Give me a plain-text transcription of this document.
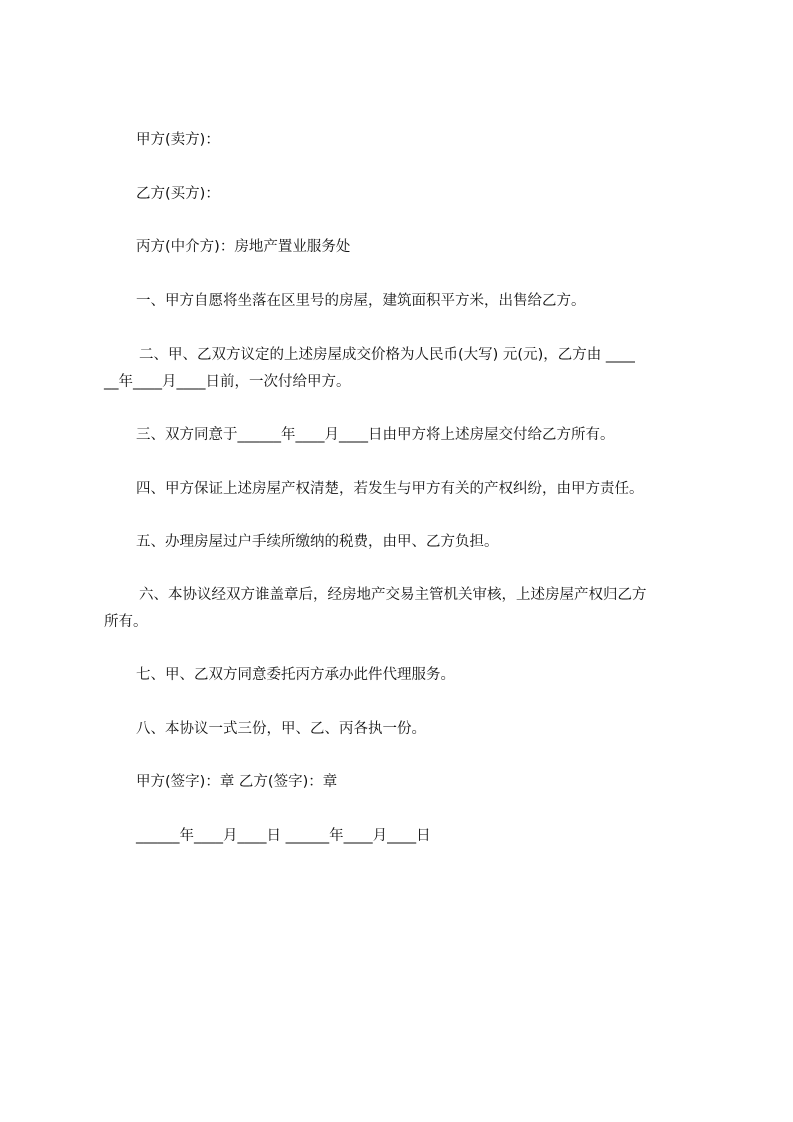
甲方(卖方)：

乙方(买方)：

丙方(中介方)：房地产置业服务处

一、甲方自愿将坐落在区里号的房屋，建筑面积平方米，出售给乙方。

二、甲、乙双方议定的上述房屋成交价格为人民币(大写) 元(元)，乙方由 ____

__年____月____日前，一次付给甲方。

三、双方同意于______年____月____日由甲方将上述房屋交付给乙方所有。

四、甲方保证上述房屋产权清楚，若发生与甲方有关的产权纠纷，由甲方责任。

五、办理房屋过户手续所缴纳的税费，由甲、乙方负担。

六、本协议经双方谁盖章后，经房地产交易主管机关审核，上述房屋产权归乙方

所有。

七、甲、乙双方同意委托丙方承办此件代理服务。

八、本协议一式三份，甲、乙、丙各执一份。

甲方(签字)：章 乙方(签字)：章

______年____月____日 ______年____月____日
